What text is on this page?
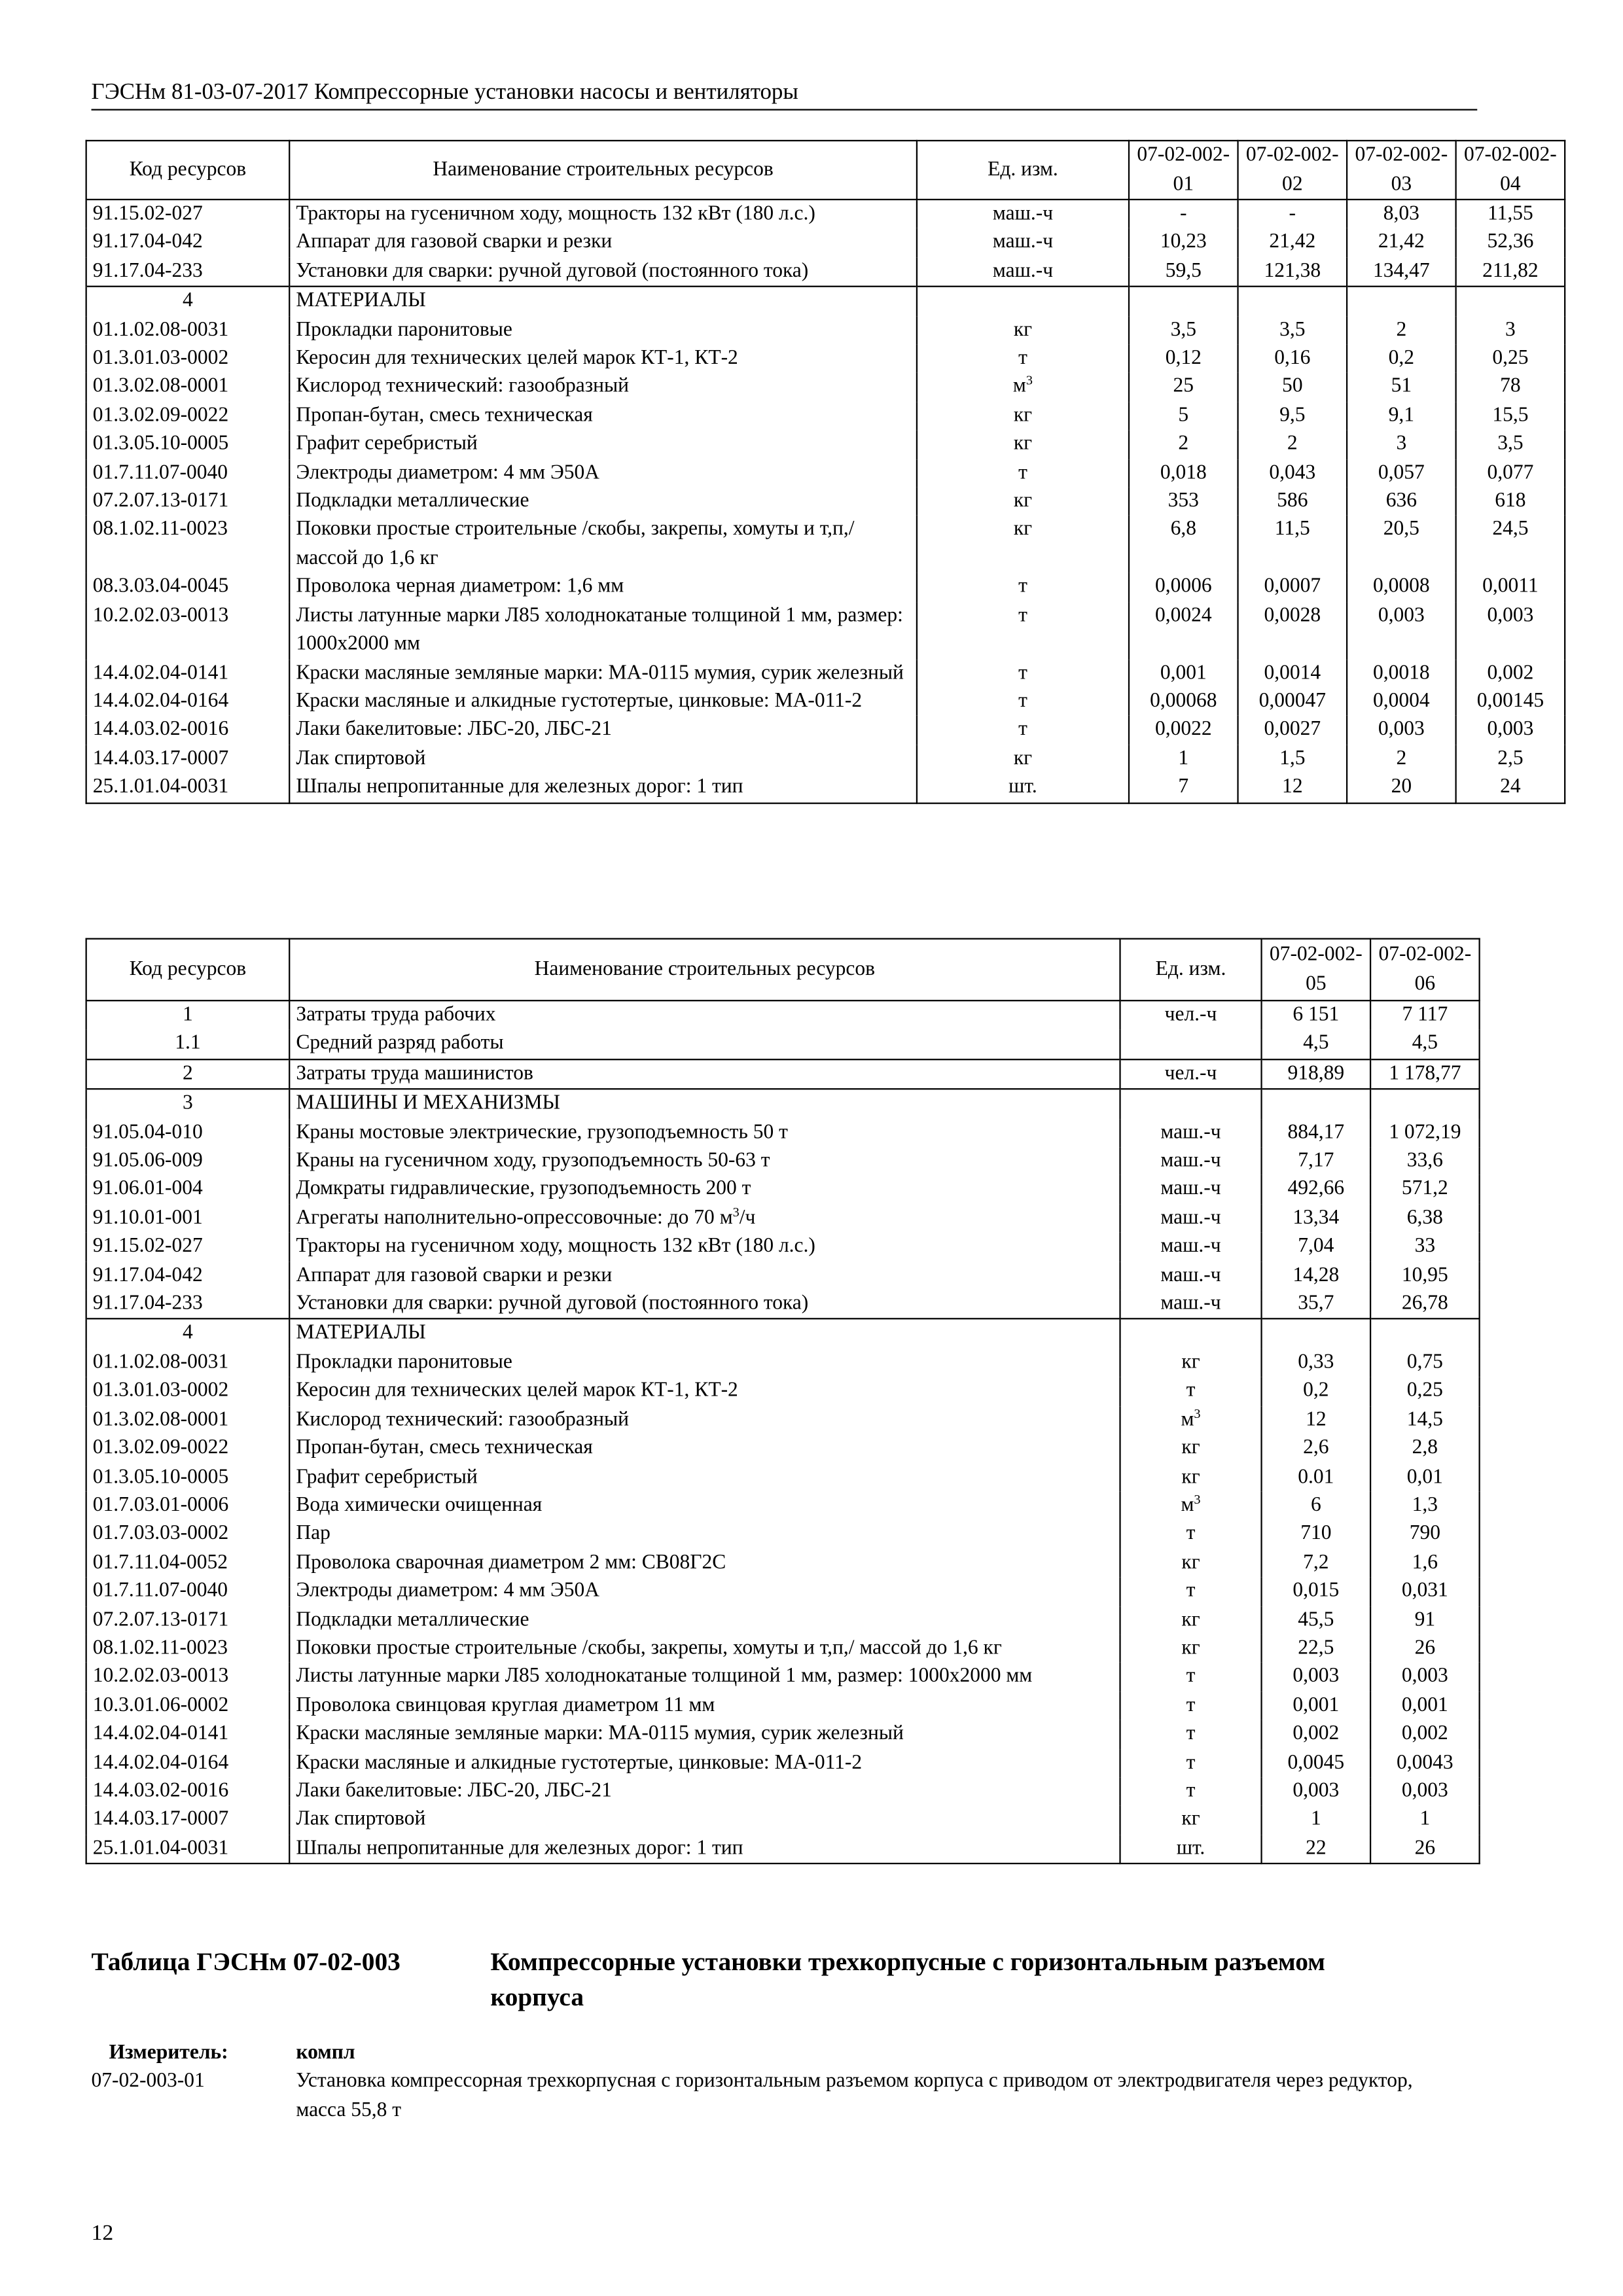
ГЭСНм 81-03-07-2017 Компрессорные установки насосы и вентиляторы
Код ресурсов	Наименование строительных ресурсов	Ед. изм.	07-02-002-01	07-02-002-02	07-02-002-03	07-02-002-04
91.15.02-027	Тракторы на гусеничном ходу, мощность 132 кВт (180 л.с.)	маш.-ч	-	-	8,03	11,55
91.17.04-042	Аппарат для газовой сварки и резки	маш.-ч	10,23	21,42	21,42	52,36
91.17.04-233	Установки для сварки: ручной дуговой (постоянного тока)	маш.-ч	59,5	121,38	134,47	211,82
4	МАТЕРИАЛЫ					
01.1.02.08-0031	Прокладки паронитовые	кг	3,5	3,5	2	3
01.3.01.03-0002	Керосин для технических целей марок КТ-1, КТ-2	т	0,12	0,16	0,2	0,25
01.3.02.08-0001	Кислород технический: газообразный	$м^3$	25	50	51	78
01.3.02.09-0022	Пропан-бутан, смесь техническая	кг	5	9,5	9,1	15,5
01.3.05.10-0005	Графит серебристый	кг	2	2	3	3,5
01.7.11.07-0040	Электроды диаметром: 4 мм Э50А	т	0,018	0,043	0,057	0,077
07.2.07.13-0171	Подкладки металлические	кг	353	586	636	618
08.1.02.11-0023	Поковки простые строительные /скобы, закрепы, хомуты и т,п,/ массой до 1,6 кг	кг	6,8	11,5	20,5	24,5
08.3.03.04-0045	Проволока черная диаметром: 1,6 мм	т	0,0006	0,0007	0,0008	0,0011
10.2.02.03-0013	Листы латунные марки Л85 холоднокатаные толщиной 1 мм, размер: 1000х2000 мм	т	0,0024	0,0028	0,003	0,003
14.4.02.04-0141	Краски масляные земляные марки: МА-0115 мумия, сурик железный	т	0,001	0,0014	0,0018	0,002
14.4.02.04-0164	Краски масляные и алкидные густотертые, цинковые: МА-011-2	т	0,00068	0,00047	0,0004	0,00145
14.4.03.02-0016	Лаки бакелитовые: ЛБС-20, ЛБС-21	т	0,0022	0,0027	0,003	0,003
14.4.03.17-0007	Лак спиртовой	кг	1	1,5	2	2,5
25.1.01.04-0031	Шпалы непропитанные для железных дорог: 1 тип	шт.	7	12	20	24
Код ресурсов	Наименование строительных ресурсов	Ед. изм.	07-02-002-05	07-02-002-06
1	Затраты труда рабочих	чел.-ч	6 151	7 117
1.1	Средний разряд работы		4,5	4,5
2	Затраты труда машинистов	чел.-ч	918,89	1 178,77
3	МАШИНЫ И МЕХАНИЗМЫ			
91.05.04-010	Краны мостовые электрические, грузоподъемность 50 т	маш.-ч	884,17	1 072,19
91.05.06-009	Краны на гусеничном ходу, грузоподъемность 50-63 т	маш.-ч	7,17	33,6
91.06.01-004	Домкраты гидравлические, грузоподъемность 200 т	маш.-ч	492,66	571,2
91.10.01-001	Агрегаты наполнительно-опрессовочные: до 70 $м^3/ч$	маш.-ч	13,34	6,38
91.15.02-027	Тракторы на гусеничном ходу, мощность 132 кВт (180 л.с.)	маш.-ч	7,04	33
91.17.04-042	Аппарат для газовой сварки и резки	маш.-ч	14,28	10,95
91.17.04-233	Установки для сварки: ручной дуговой (постоянного тока)	маш.-ч	35,7	26,78
4	МАТЕРИАЛЫ			
01.1.02.08-0031	Прокладки паронитовые	кг	0,33	0,75
01.3.01.03-0002	Керосин для технических целей марок КТ-1, КТ-2	т	0,2	0,25
01.3.02.08-0001	Кислород технический: газообразный	$м^3$	12	14,5
01.3.02.09-0022	Пропан-бутан, смесь техническая	кг	2,6	2,8
01.3.05.10-0005	Графит серебристый	кг	0.01	0,01
01.7.03.01-0006	Вода химически очищенная	$м^3$	6	1,3
01.7.03.03-0002	Пар	т	710	790
01.7.11.04-0052	Проволока сварочная диаметром 2 мм: СВ08Г2С	кг	7,2	1,6
01.7.11.07-0040	Электроды диаметром: 4 мм Э50А	т	0,015	0,031
07.2.07.13-0171	Подкладки металлические	кг	45,5	91
08.1.02.11-0023	Поковки простые строительные /скобы, закрепы, хомуты и т,п,/ массой до 1,6 кг	кг	22,5	26
10.2.02.03-0013	Листы латунные марки Л85 холоднокатаные толщиной 1 мм, размер: 1000х2000 мм	т	0,003	0,003
10.3.01.06-0002	Проволока свинцовая круглая диаметром 11 мм	т	0,001	0,001
14.4.02.04-0141	Краски масляные земляные марки: МА-0115 мумия, сурик железный	т	0,002	0,002
14.4.02.04-0164	Краски масляные и алкидные густотертые, цинковые: МА-011-2	т	0,0045	0,0043
14.4.03.02-0016	Лаки бакелитовые: ЛБС-20, ЛБС-21	т	0,003	0,003
14.4.03.17-0007	Лак спиртовой	кг	1	1
25.1.01.04-0031	Шпалы непропитанные для железных дорог: 1 тип	шт.	22	26
Таблица ГЭСНм 07-02-003	Компрессорные установки трехкорпусные с горизонтальным разъемом корпуса
Измеритель:	компл
07-02-003-01	Установка компрессорная трехкорпусная с горизонтальным разъемом корпуса с приводом от электродвигателя через редуктор, масса 55,8 т
12
